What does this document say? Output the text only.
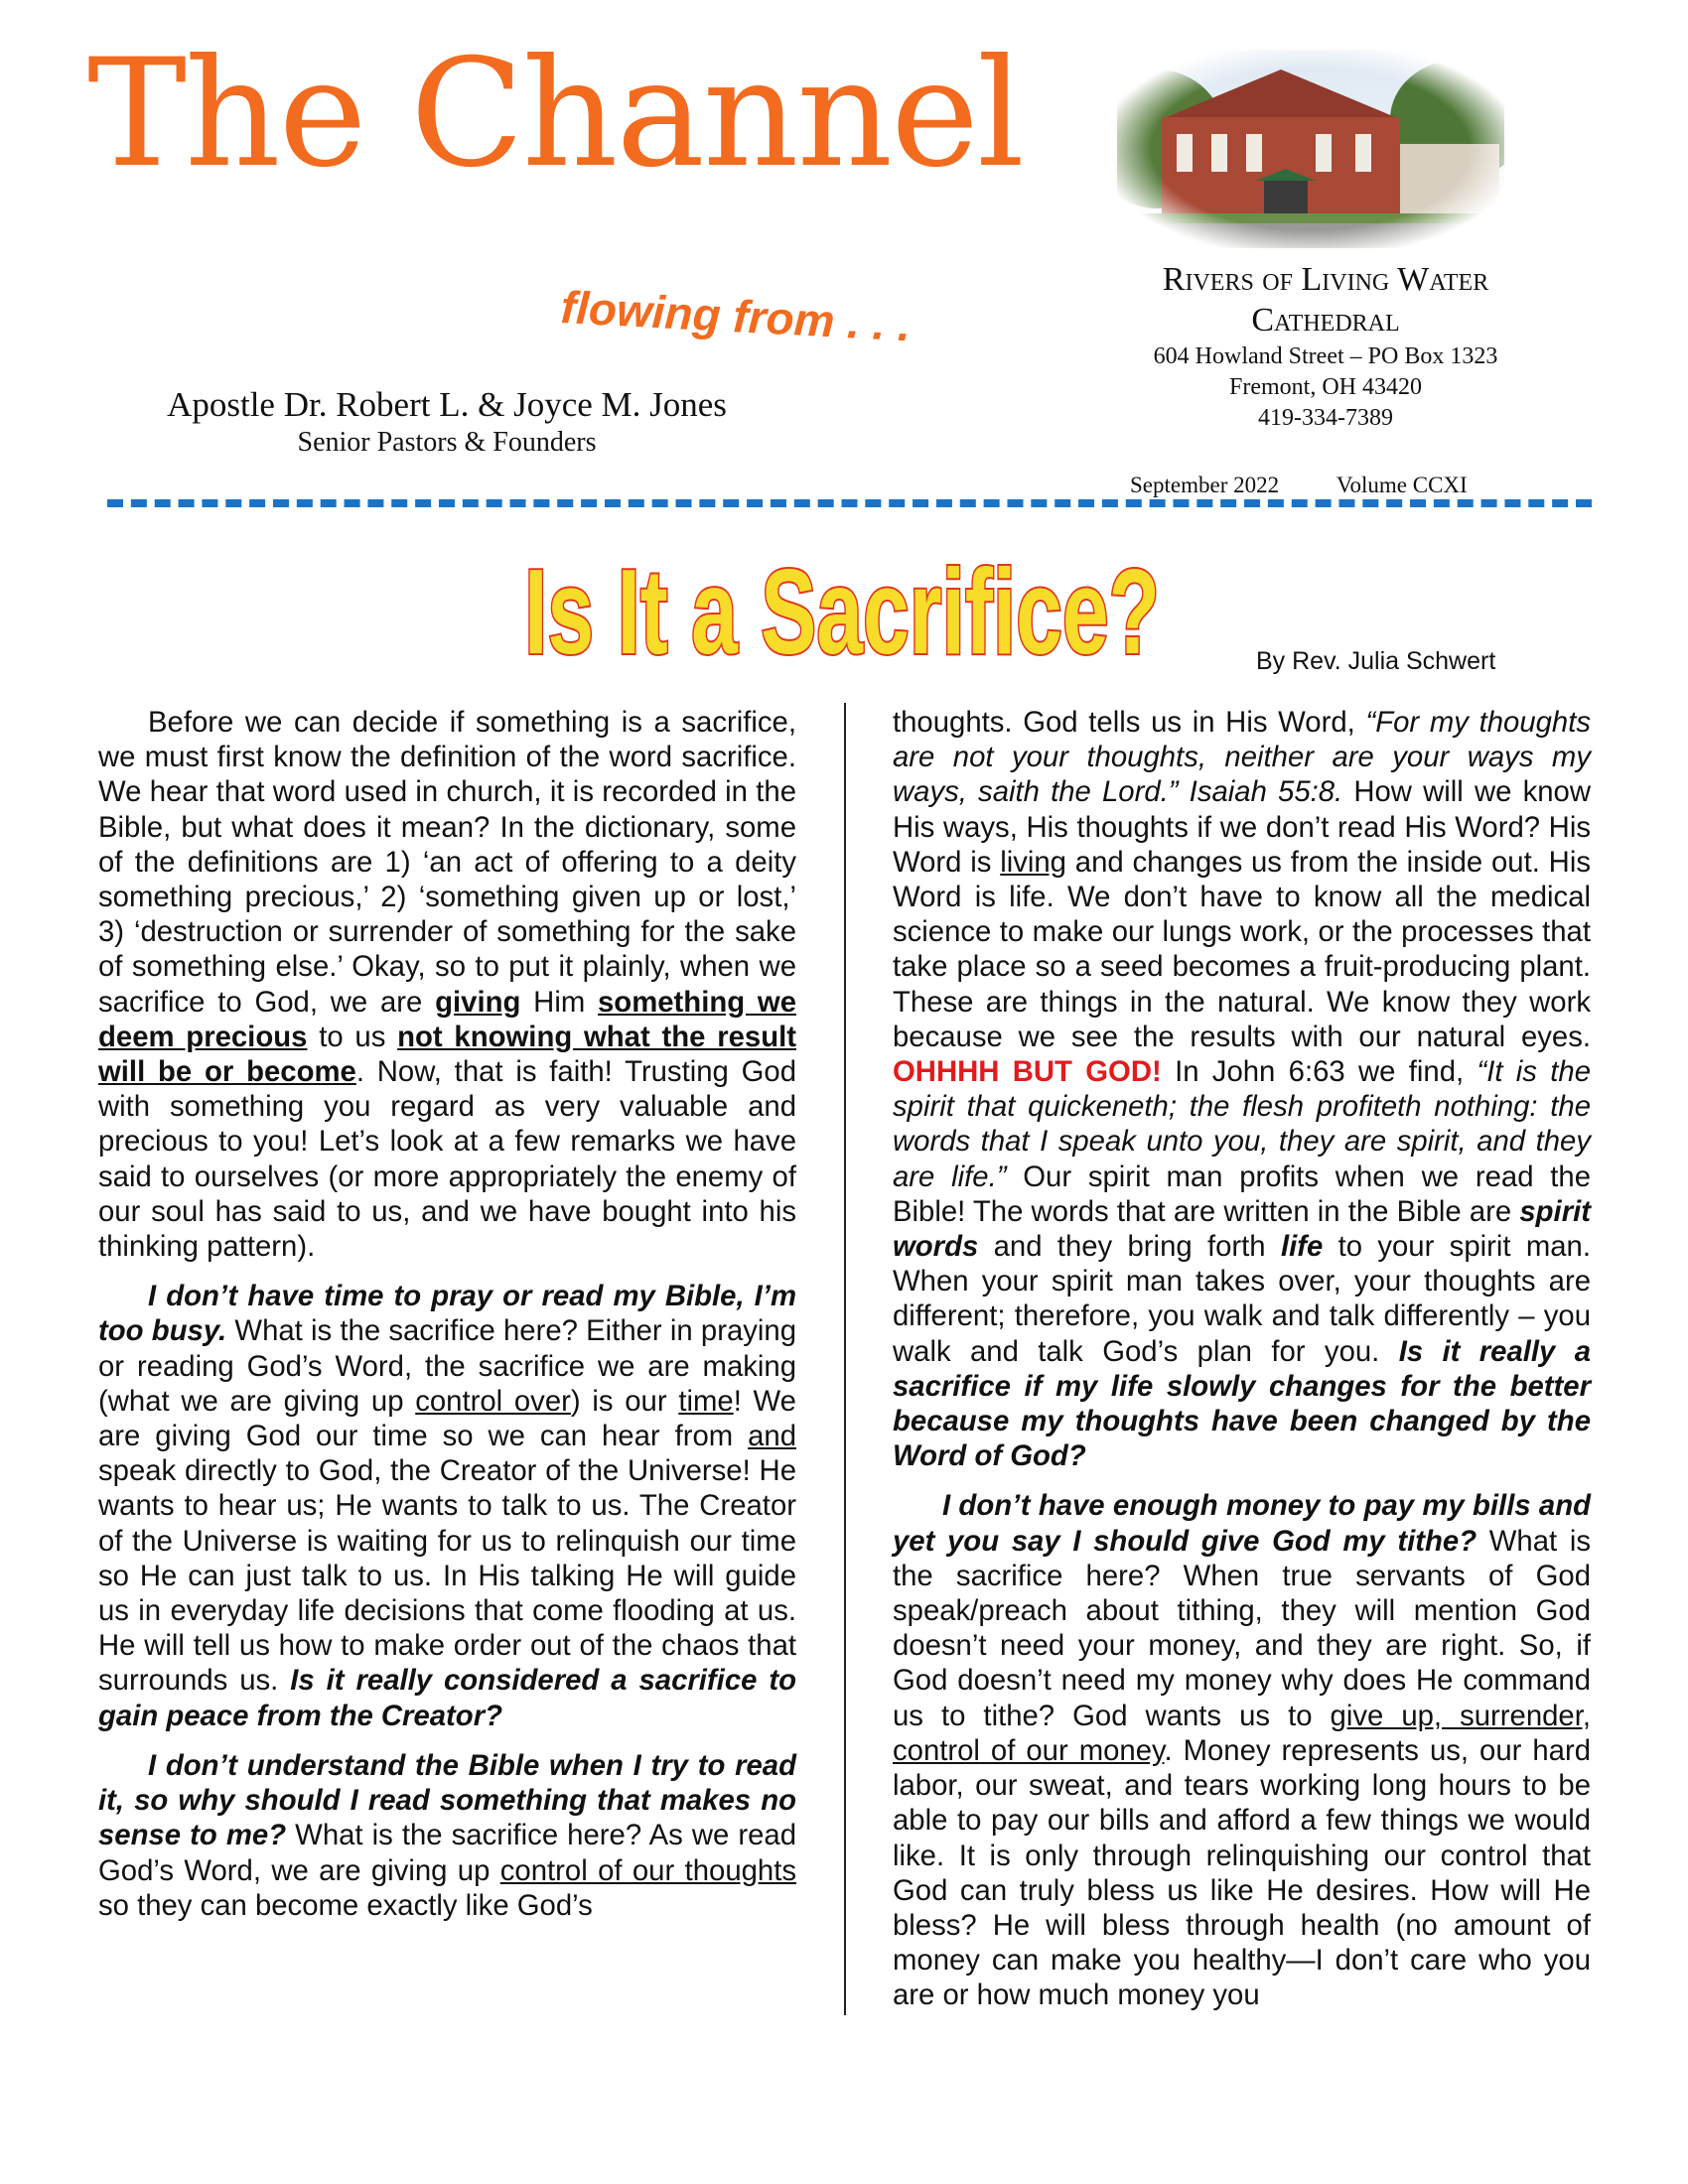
The Channel
flowing from . . .
Apostle Dr. Robert L. & Joyce M. Jones
Senior Pastors & Founders
Rivers of Living Water
Cathedral
604 Howland Street – PO Box 1323
Fremont, OH 43420
419-334-7389
September 2022	Volume CCXI
Is It a Sacrifice?	By Rev. Julia Schwert

Before we can decide if something is a sacrifice, we must first know the definition of the word sacrifice. We hear that word used in church, it is recorded in the Bible, but what does it mean? In the dictionary, some of the definitions are 1) ‘an act of offering to a deity something precious,’ 2) ‘something given up or lost,’ 3) ‘destruction or surrender of something for the sake of something else.’ Okay, so to put it plainly, when we sacrifice to God, we are giving Him something we deem precious to us not knowing what the result will be or become. Now, that is faith! Trusting God with something you regard as very valuable and precious to you! Let’s look at a few remarks we have said to ourselves (or more appropriately the enemy of our soul has said to us, and we have bought into his thinking pattern).

I don’t have time to pray or read my Bible, I’m too busy. What is the sacrifice here? Either in praying or reading God’s Word, the sacrifice we are making (what we are giving up control over) is our time! We are giving God our time so we can hear from and speak directly to God, the Creator of the Universe! He wants to hear us; He wants to talk to us. The Creator of the Universe is waiting for us to relinquish our time so He can just talk to us. In His talking He will guide us in everyday life decisions that come flooding at us. He will tell us how to make order out of the chaos that surrounds us. Is it really considered a sacrifice to gain peace from the Creator?

I don’t understand the Bible when I try to read it, so why should I read something that makes no sense to me? What is the sacrifice here? As we read God’s Word, we are giving up control of our thoughts so they can become exactly like God’s

thoughts. God tells us in His Word, “For my thoughts are not your thoughts, neither are your ways my ways, saith the Lord.” Isaiah 55:8. How will we know His ways, His thoughts if we don’t read His Word? His Word is living and changes us from the inside out. His Word is life. We don’t have to know all the medical science to make our lungs work, or the processes that take place so a seed becomes a fruit-producing plant. These are things in the natural. We know they work because we see the results with our natural eyes. OHHHH BUT GOD! In John 6:63 we find, “It is the spirit that quickeneth; the flesh profiteth nothing: the words that I speak unto you, they are spirit, and they are life.” Our spirit man profits when we read the Bible! The words that are written in the Bible are spirit words and they bring forth life to your spirit man. When your spirit man takes over, your thoughts are different; therefore, you walk and talk differently – you walk and talk God’s plan for you. Is it really a sacrifice if my life slowly changes for the better because my thoughts have been changed by the Word of God?

I don’t have enough money to pay my bills and yet you say I should give God my tithe? What is the sacrifice here? When true servants of God speak/preach about tithing, they will mention God doesn’t need your money, and they are right. So, if God doesn’t need my money why does He command us to tithe? God wants us to give up, surrender, control of our money. Money represents us, our hard labor, our sweat, and tears working long hours to be able to pay our bills and afford a few things we would like. It is only through relinquishing our control that God can truly bless us like He desires. How will He bless? He will bless through health (no amount of money can make you healthy—I don’t care who you are or how much money you
